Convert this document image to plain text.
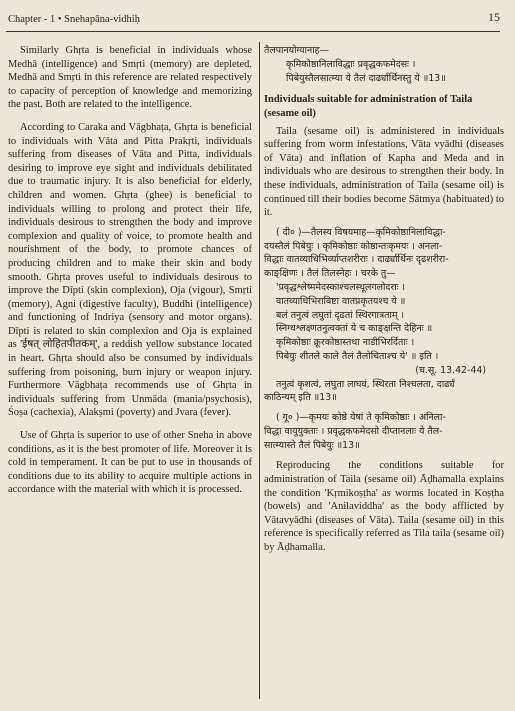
Chapter - 1 • Snehapāna-vidhiḥ	15

Similarly Ghṛta is beneficial in individuals whose Medhā (intelligence) and Smṛti (memory) are depleted. Medhā and Smṛti in this reference are related respectively to capacity of perception of knowledge and memorizing the past. Both are related to the intelligence.

According to Caraka and Vāgbhaṭa, Ghṛta is beneficial to individuals with Vāta and Pitta Prakṛti, individuals suffering from diseases of Vāta and Pitta, individuals desiring to improve eye sight and individuals debilitated due to traumatic injury. It is also beneficial for elderly, children and women. Ghṛta (ghee) is beneficial to individuals willing to prolong and protect their life, individuals desirous to strengthen the body and improve complexion and quality of voice, to promote health and nourishment of the body, to promote chances of producing children and to make their skin and body smooth. Ghṛta proves useful to individuals desirous to improve the Dīpti (skin complexion), Oja (vigour), Smṛti (memory), Agni (digestive faculty), Buddhi (intelligence) and functioning of Indriya (sensory and motor organs). Dīpti is related to skin complexion and Oja is explained as 'ईषत् लोहितपीतकम्', a reddish yellow substance located in heart. Ghṛta should also be consumed by individuals suffering from poisoning, burn injury or weapon injury. Furthermore Vāgbhaṭa recommends use of Ghṛta in individuals suffering from Unmāda (mania/psychosis), Śoṣa (cachexia), Alakṣmi (poverty) and Jvara (fever).

Use of Ghṛta is superior to use of other Sneha in above conditions, as it is the best promoter of life. Moreover it is cold in temperament. It can be put to use in thousands of conditions due to its ability to acquire multiple actions in accordance with the material with which it is processed.

तैलपानयोग्यानाह—
कृमिकोष्ठानिलाविद्धाः प्रवृद्धकफमेदसः ।
पिबेयुस्तैलसात्म्या ये तैलं दार्ढ्यार्थिनस्तु ये ॥13॥
Individuals suitable for administration of Taila (sesame oil)

Taila (sesame oil) is administered in individuals suffering from worm infestations, Vāta vyādhi (diseases of Vāta) and inflation of Kapha and Meda and in individuals who are desirous to strengthen their body. In these individuals, administration of Taila (sesame oil) is continued till their bodies become Sātmya (habituated) to it.

( दी० )—तैलस्य विषयमाह—कृमिकोष्ठानिलाविद्धा-
दयस्तैलं पिबेयुः । कृमिकोष्ठाः कोष्ठान्तःकृमयः । अनला-
विद्धाः वातव्याधिभिर्व्याप्तशरीराः । दार्ढ्यार्थिनः दृढशरीरा-
काङ्क्षिणः । तैलं तिलस्नेहः । चरके तु—
'प्रवृद्धश्लेष्ममेदस्काश्चलस्थूलगलोदराः ।
वातव्याधिभिराविष्टा वातप्रकृतयश्च ये ॥
बलं तनुत्वं लघुतां दृढतां स्थिरगात्रताम् ।
स्निग्धश्लक्ष्णतनुत्वक्तां ये च काङ्क्षन्ति देहिनः ॥
कृमिकोष्ठाः क्रूरकोष्ठास्तथा नाडीभिरर्दिताः ।
पिबेयुः शीतले काले तैलं तैलोचिताश्च ये' ॥ इति ।
(च.सू. 13.42-44)
तनुत्वं कृशत्वं, लघुता लाघवं, स्थिरता निश्चलता, दार्ढ्यं
काठिन्यम् इति ॥13॥
( गू० )—कृमयः कोष्ठे येषां ते कृमिकोष्ठाः । अनिला-
विद्धा वायुयुक्ताः । प्रवृद्धकफमेदसो दीप्तानलाः ये तैल-
सात्म्यास्ते तैलं पिबेयुः ॥13॥

Reproducing the conditions suitable for administration of Taila (sesame oil) Āḍhamalla explains the condition 'Kṛmikoṣṭha' as worms located in Koṣṭha (bowels) and 'Anilaviddha' as the body afflicted by Vātavyādhi (diseases of Vāta). Taila (sesame oil) in this reference is specifically referred as Tila taila (sesame oil) by Āḍhamalla.
